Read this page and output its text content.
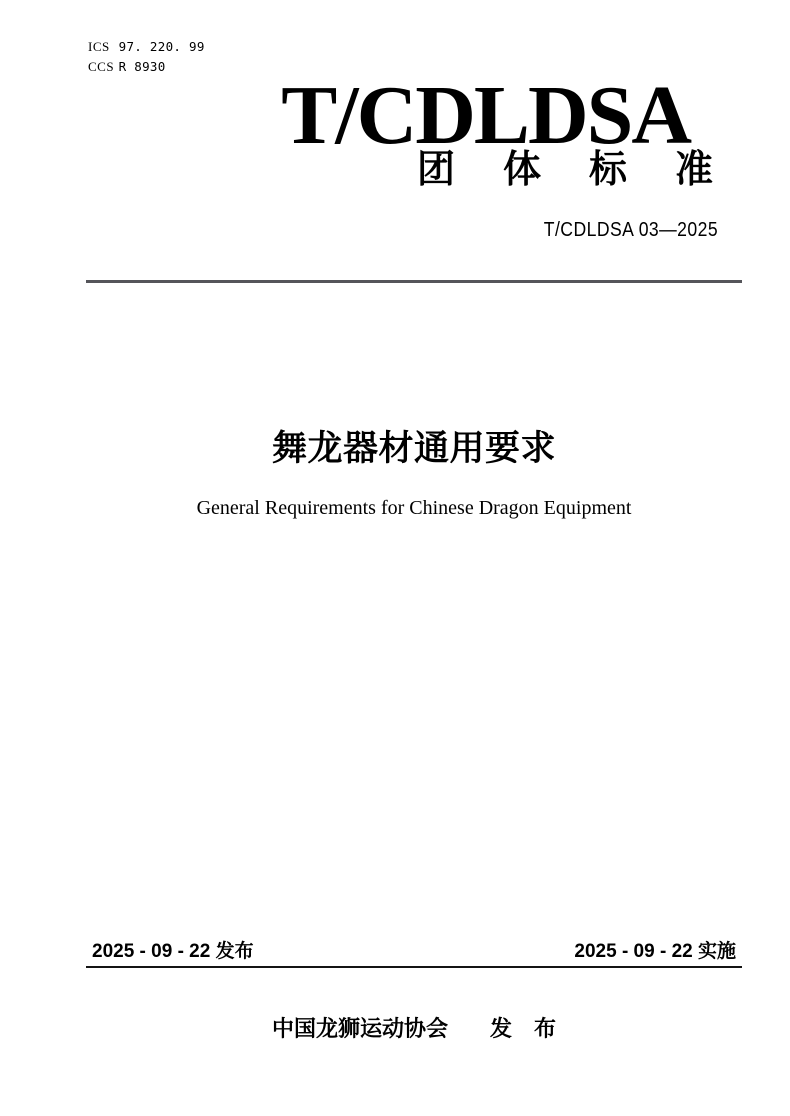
ICS 97. 220. 99
CCS R 8930
T/CDLDSA
团　体　标　准
T/CDLDSA 03—2025
舞龙器材通用要求
General Requirements for Chinese Dragon Equipment
2025 - 09 - 22 发布	2025 - 09 - 22 实施
中国龙狮运动协会 发　布
